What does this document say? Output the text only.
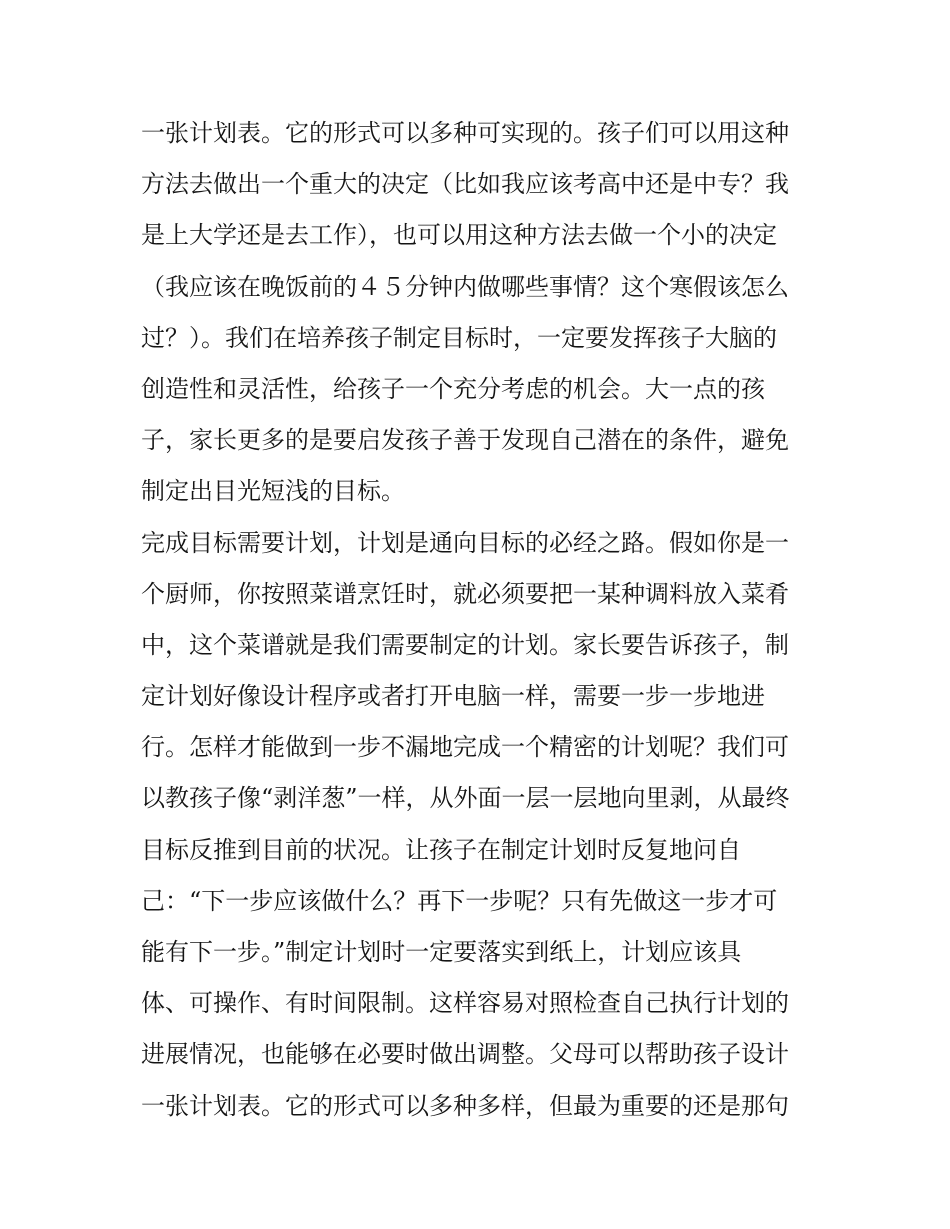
一张计划表。它的形式可以多种可实现的。孩子们可以用这种
方法去做出一个重大的决定（比如我应该考高中还是中专？我
是上大学还是去工作），也可以用这种方法去做一个小的决定
（我应该在晚饭前的４５分钟内做哪些事情？这个寒假该怎么
过？）。我们在培养孩子制定目标时，一定要发挥孩子大脑的
创造性和灵活性，给孩子一个充分考虑的机会。大一点的孩
子，家长更多的是要启发孩子善于发现自己潜在的条件，避免
制定出目光短浅的目标。
完成目标需要计划，计划是通向目标的必经之路。假如你是一
个厨师，你按照菜谱烹饪时，就必须要把一某种调料放入菜肴
中，这个菜谱就是我们需要制定的计划。家长要告诉孩子，制
定计划好像设计程序或者打开电脑一样，需要一步一步地进
行。怎样才能做到一步不漏地完成一个精密的计划呢？我们可
以教孩子像“剥洋葱”一样，从外面一层一层地向里剥，从最终
目标反推到目前的状况。让孩子在制定计划时反复地问自
己：“下一步应该做什么？再下一步呢？只有先做这一步才可
能有下一步。”制定计划时一定要落实到纸上，计划应该具
体、可操作、有时间限制。这样容易对照检查自己执行计划的
进展情况，也能够在必要时做出调整。父母可以帮助孩子设计
一张计划表。它的形式可以多种多样，但最为重要的还是那句
